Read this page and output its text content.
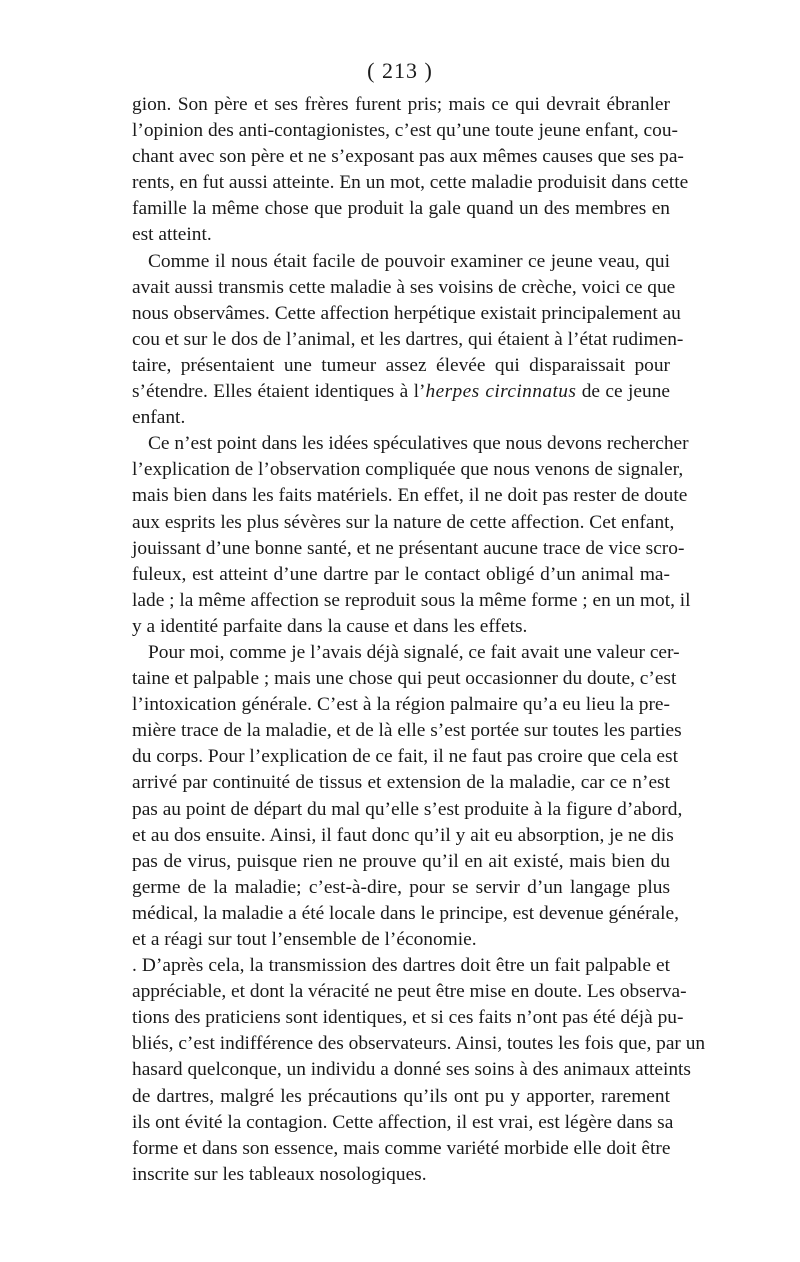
( 213 )
gion. Son père et ses frères furent pris; mais ce qui devrait ébranler
l’opinion des anti-contagionistes, c’est qu’une toute jeune enfant, cou-
chant avec son père et ne s’exposant pas aux mêmes causes que ses pa-
rents, en fut aussi atteinte. En un mot, cette maladie produisit dans cette
famille la même chose que produit la gale quand un des membres en
est atteint.
Comme il nous était facile de pouvoir examiner ce jeune veau, qui
avait aussi transmis cette maladie à ses voisins de crèche, voici ce que
nous observâmes. Cette affection herpétique existait principalement au
cou et sur le dos de l’animal, et les dartres, qui étaient à l’état rudimen-
taire, présentaient une tumeur assez élevée qui disparaissait pour
s’étendre. Elles étaient identiques à l’herpes circinnatus de ce jeune
enfant.
Ce n’est point dans les idées spéculatives que nous devons rechercher
l’explication de l’observation compliquée que nous venons de signaler,
mais bien dans les faits matériels. En effet, il ne doit pas rester de doute
aux esprits les plus sévères sur la nature de cette affection. Cet enfant,
jouissant d’une bonne santé, et ne présentant aucune trace de vice scro-
fuleux, est atteint d’une dartre par le contact obligé d’un animal ma-
lade ; la même affection se reproduit sous la même forme ; en un mot, il
y a identité parfaite dans la cause et dans les effets.
Pour moi, comme je l’avais déjà signalé, ce fait avait une valeur cer-
taine et palpable ; mais une chose qui peut occasionner du doute, c’est
l’intoxication générale. C’est à la région palmaire qu’a eu lieu la pre-
mière trace de la maladie, et de là elle s’est portée sur toutes les parties
du corps. Pour l’explication de ce fait, il ne faut pas croire que cela est
arrivé par continuité de tissus et extension de la maladie, car ce n’est
pas au point de départ du mal qu’elle s’est produite à la figure d’abord,
et au dos ensuite. Ainsi, il faut donc qu’il y ait eu absorption, je ne dis
pas de virus, puisque rien ne prouve qu’il en ait existé, mais bien du
germe de la maladie; c’est-à-dire, pour se servir d’un langage plus
médical, la maladie a été locale dans le principe, est devenue générale,
et a réagi sur tout l’ensemble de l’économie.
. D’après cela, la transmission des dartres doit être un fait palpable et
appréciable, et dont la véracité ne peut être mise en doute. Les observa-
tions des praticiens sont identiques, et si ces faits n’ont pas été déjà pu-
bliés, c’est indifférence des observateurs. Ainsi, toutes les fois que, par un
hasard quelconque, un individu a donné ses soins à des animaux atteints
de dartres, malgré les précautions qu’ils ont pu y apporter, rarement
ils ont évité la contagion. Cette affection, il est vrai, est légère dans sa
forme et dans son essence, mais comme variété morbide elle doit être
inscrite sur les tableaux nosologiques.
